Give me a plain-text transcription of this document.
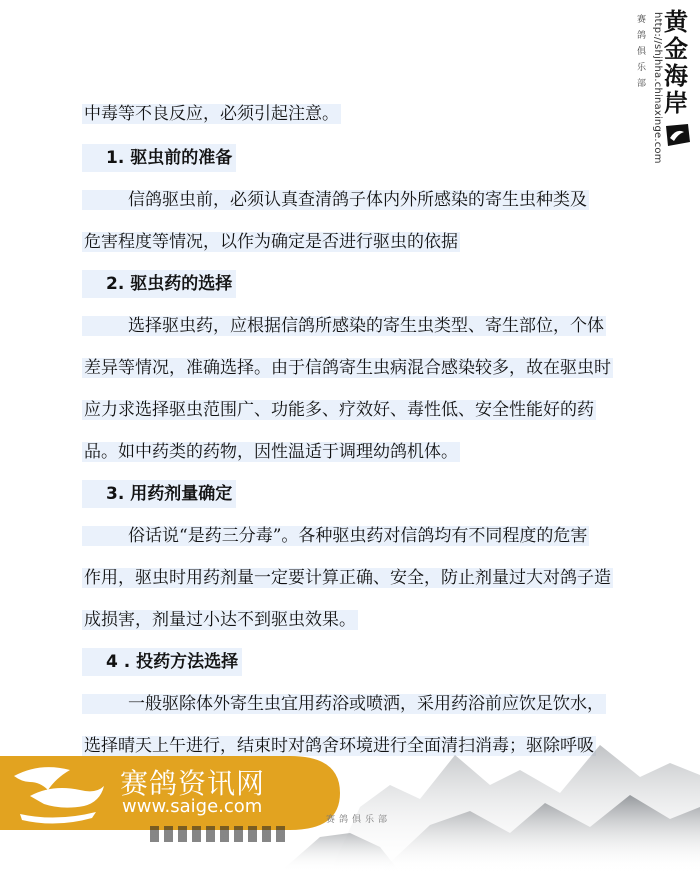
黄金海岸
http://shjhha.chinaxinge.com
赛鸽俱乐部
中毒等不良反应，必须引起注意。
1. 驱虫前的准备
信鸽驱虫前，必须认真查清鸽子体内外所感染的寄生虫种类及
危害程度等情况，以作为确定是否进行驱虫的依据
2. 驱虫药的选择
选择驱虫药，应根据信鸽所感染的寄生虫类型、寄生部位，个体
差异等情况，准确选择。由于信鸽寄生虫病混合感染较多，故在驱虫时
应力求选择驱虫范围广、功能多、疗效好、毒性低、安全性能好的药
品。如中药类的药物，因性温适于调理幼鸽机体。
3. 用药剂量确定
俗话说“是药三分毒”。各种驱虫药对信鸽均有不同程度的危害
作用，驱虫时用药剂量一定要计算正确、安全，防止剂量过大对鸽子造
成损害，剂量过小达不到驱虫效果。
4 . 投药方法选择
一般驱除体外寄生虫宜用药浴或喷洒，采用药浴前应饮足饮水，
选择晴天上午进行，结束时对鸽舍环境进行全面清扫消毒；驱除呼吸
赛鸽资讯网
www.saige.com
赛鸽俱乐部
